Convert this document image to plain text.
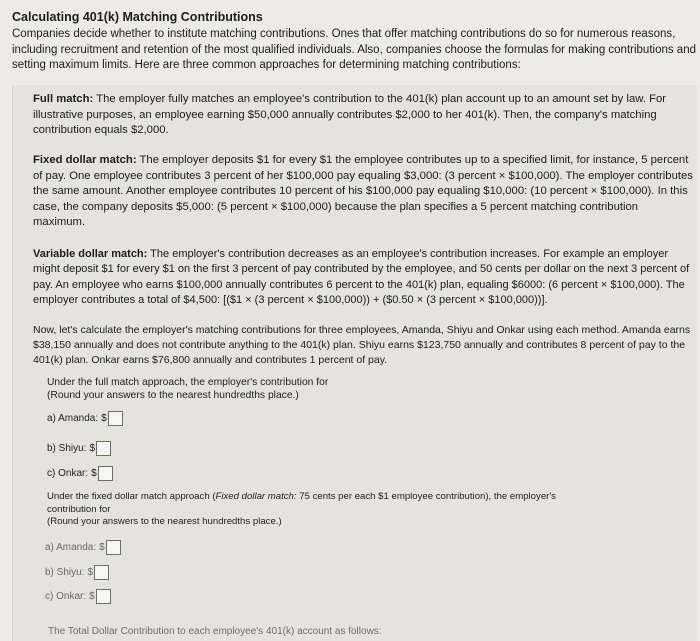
Calculating 401(k) Matching Contributions

Companies decide whether to institute matching contributions. Ones that offer matching contributions do so for numerous reasons, including recruitment and retention of the most qualified individuals. Also, companies choose the formulas for making contributions and setting maximum limits. Here are three common approaches for determining matching contributions:

Full match: The employer fully matches an employee's contribution to the 401(k) plan account up to an amount set by law. For illustrative purposes, an employee earning $50,000 annually contributes $2,000 to her 401(k). Then, the company's matching contribution equals $2,000.

Fixed dollar match: The employer deposits $1 for every $1 the employee contributes up to a specified limit, for instance, 5 percent of pay. One employee contributes 3 percent of her $100,000 pay equaling $3,000: (3 percent × $100,000). The employer contributes the same amount. Another employee contributes 10 percent of his $100,000 pay equaling $10,000: (10 percent × $100,000). In this case, the company deposits $5,000: (5 percent × $100,000) because the plan specifies a 5 percent matching contribution maximum.

Variable dollar match: The employer's contribution decreases as an employee's contribution increases. For example an employer might deposit $1 for every $1 on the first 3 percent of pay contributed by the employee, and 50 cents per dollar on the next 3 percent of pay. An employee who earns $100,000 annually contributes 6 percent to the 401(k) plan, equaling $6000: (6 percent × $100,000). The employer contributes a total of $4,500: [($1 × (3 percent × $100,000)) + ($0.50 × (3 percent × $100,000))].

Now, let's calculate the employer's matching contributions for three employees, Amanda, Shiyu and Onkar using each method. Amanda earns $38,150 annually and does not contribute anything to the 401(k) plan. Shiyu earns $123,750 annually and contributes 8 percent of pay to the 401(k) plan. Onkar earns $76,800 annually and contributes 1 percent of pay.

Under the full match approach, the employer's contribution for
(Round your answers to the nearest hundredths place.)
a) Amanda: $
b) Shiyu: $
c) Onkar: $
Under the fixed dollar match approach (Fixed dollar match: 75 cents per each $1 employee contribution), the employer's
contribution for
(Round your answers to the nearest hundredths place.)
a) Amanda: $
b) Shiyu: $
c) Onkar: $
The Total Dollar Contribution to each employee's 401(k) account as follows:
